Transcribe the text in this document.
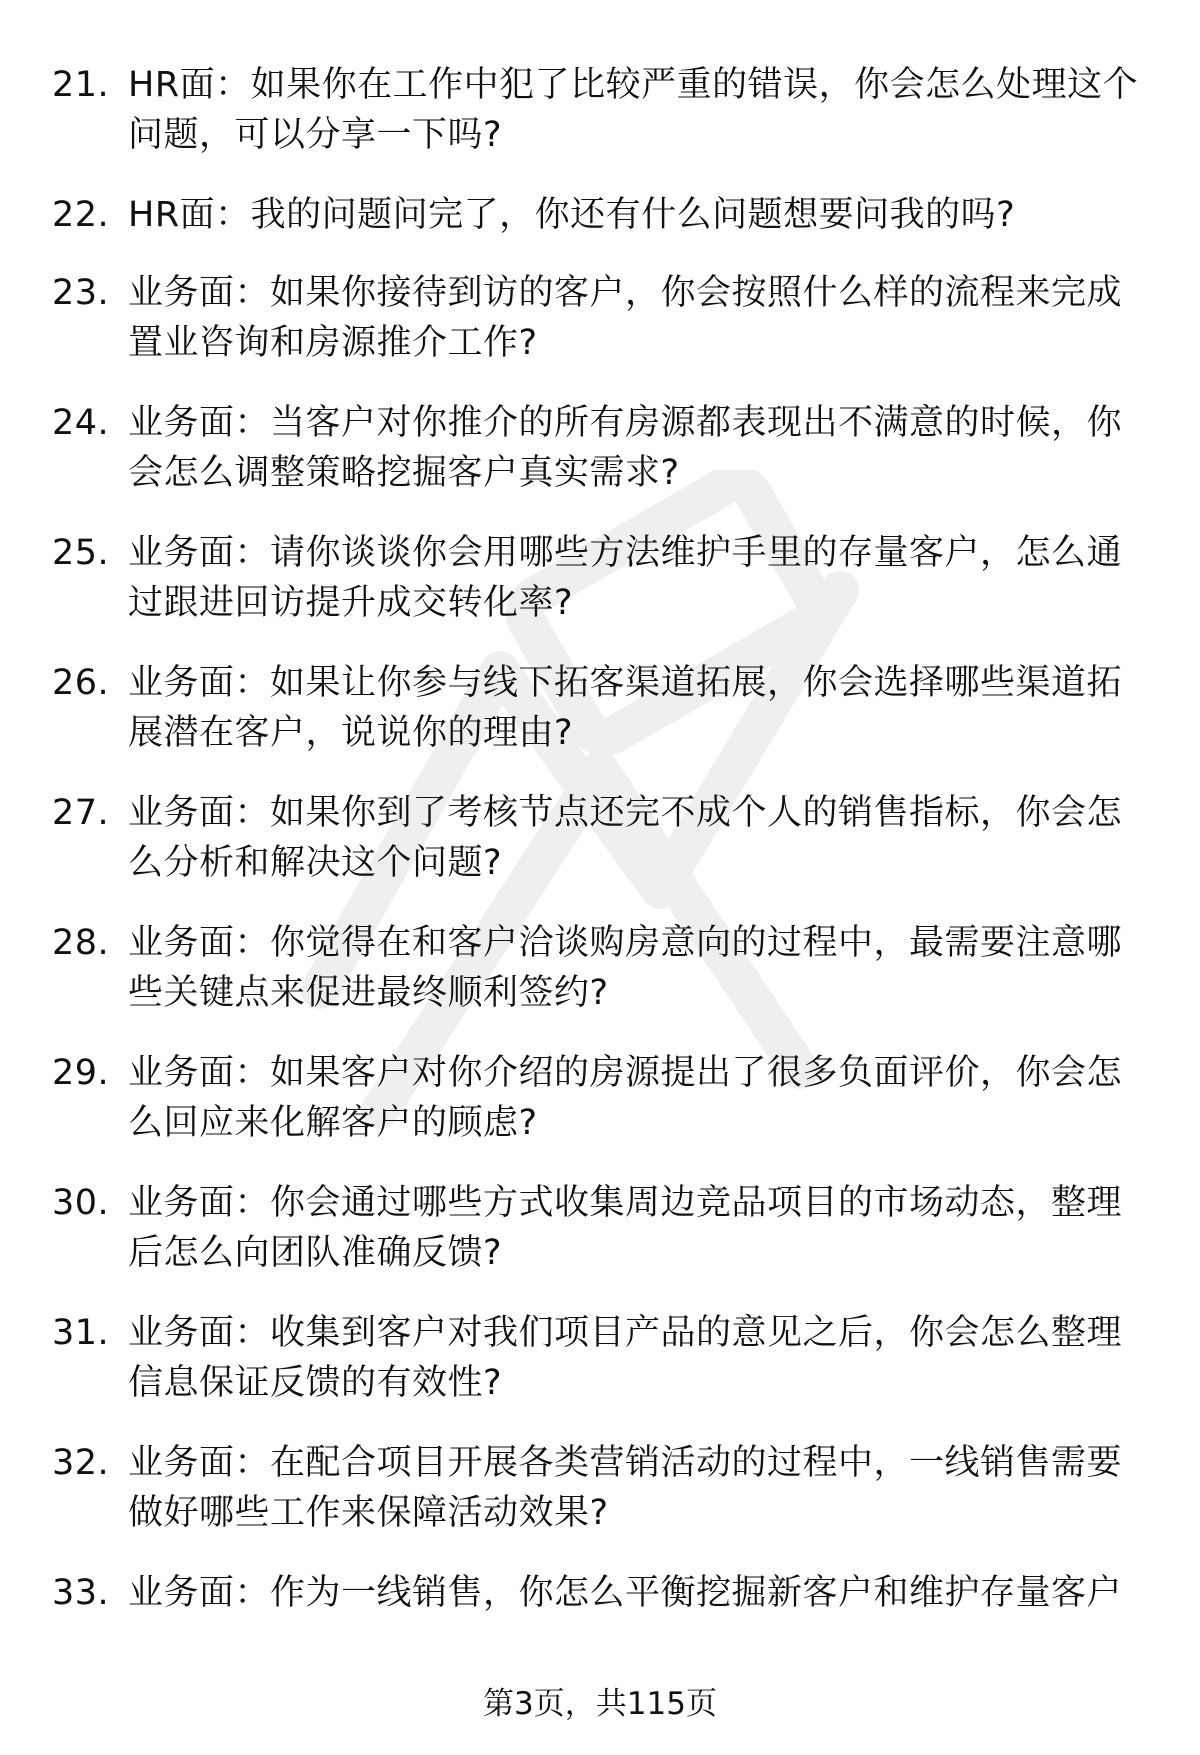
21. HR面：如果你在工作中犯了比较严重的错误，你会怎么处理这个问题，可以分享一下吗?
22. HR面：我的问题问完了，你还有什么问题想要问我的吗?
23. 业务面：如果你接待到访的客户，你会按照什么样的流程来完成置业咨询和房源推介工作?
24. 业务面：当客户对你推介的所有房源都表现出不满意的时候，你会怎么调整策略挖掘客户真实需求?
25. 业务面：请你谈谈你会用哪些方法维护手里的存量客户，怎么通过跟进回访提升成交转化率?
26. 业务面：如果让你参与线下拓客渠道拓展，你会选择哪些渠道拓展潜在客户，说说你的理由?
27. 业务面：如果你到了考核节点还完不成个人的销售指标，你会怎么分析和解决这个问题?
28. 业务面：你觉得在和客户洽谈购房意向的过程中，最需要注意哪些关键点来促进最终顺利签约?
29. 业务面：如果客户对你介绍的房源提出了很多负面评价，你会怎么回应来化解客户的顾虑?
30. 业务面：你会通过哪些方式收集周边竞品项目的市场动态，整理后怎么向团队准确反馈?
31. 业务面：收集到客户对我们项目产品的意见之后，你会怎么整理信息保证反馈的有效性?
32. 业务面：在配合项目开展各类营销活动的过程中，一线销售需要做好哪些工作来保障活动效果?
33. 业务面：作为一线销售，你怎么平衡挖掘新客户和维护存量客户
第3页，共115页
